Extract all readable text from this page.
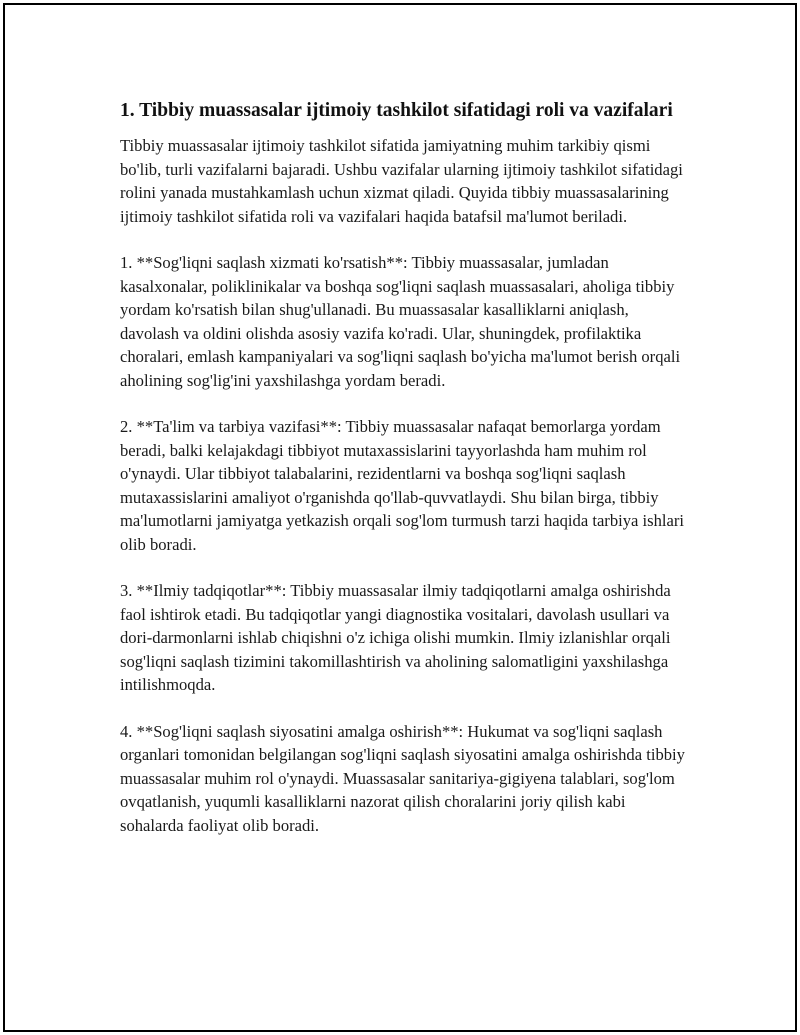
1. Tibbiy muassasalar ijtimoiy tashkilot sifatidagi roli va vazifalari

Tibbiy muassasalar ijtimoiy tashkilot sifatida jamiyatning muhim tarkibiy qismi bo'lib, turli vazifalarni bajaradi. Ushbu vazifalar ularning ijtimoiy tashkilot sifatidagi rolini yanada mustahkamlash uchun xizmat qiladi. Quyida tibbiy muassasalarining ijtimoiy tashkilot sifatida roli va vazifalari haqida batafsil ma'lumot beriladi.

1. **Sog'liqni saqlash xizmati ko'rsatish**: Tibbiy muassasalar, jumladan kasalxonalar, poliklinikalar va boshqa sog'liqni saqlash muassasalari, aholiga tibbiy yordam ko'rsatish bilan shug'ullanadi. Bu muassasalar kasalliklarni aniqlash, davolash va oldini olishda asosiy vazifa ko'radi. Ular, shuningdek, profilaktika choralari, emlash kampaniyalari va sog'liqni saqlash bo'yicha ma'lumot berish orqali aholining sog'lig'ini yaxshilashga yordam beradi.

2. **Ta'lim va tarbiya vazifasi**: Tibbiy muassasalar nafaqat bemorlarga yordam beradi, balki kelajakdagi tibbiyot mutaxassislarini tayyorlashda ham muhim rol o'ynaydi. Ular tibbiyot talabalarini, rezidentlarni va boshqa sog'liqni saqlash mutaxassislarini amaliyot o'rganishda qo'llab-quvvatlaydi. Shu bilan birga, tibbiy ma'lumotlarni jamiyatga yetkazish orqali sog'lom turmush tarzi haqida tarbiya ishlari olib boradi.

3. **Ilmiy tadqiqotlar**: Tibbiy muassasalar ilmiy tadqiqotlarni amalga oshirishda faol ishtirok etadi. Bu tadqiqotlar yangi diagnostika vositalari, davolash usullari va dori-darmonlarni ishlab chiqishni o'z ichiga olishi mumkin. Ilmiy izlanishlar orqali sog'liqni saqlash tizimini takomillashtirish va aholining salomatligini yaxshilashga intilishmoqda.

4. **Sog'liqni saqlash siyosatini amalga oshirish**: Hukumat va sog'liqni saqlash organlari tomonidan belgilangan sog'liqni saqlash siyosatini amalga oshirishda tibbiy muassasalar muhim rol o'ynaydi. Muassasalar sanitariya-gigiyena talablari, sog'lom ovqatlanish, yuqumli kasalliklarni nazorat qilish choralarini joriy qilish kabi sohalarda faoliyat olib boradi.
